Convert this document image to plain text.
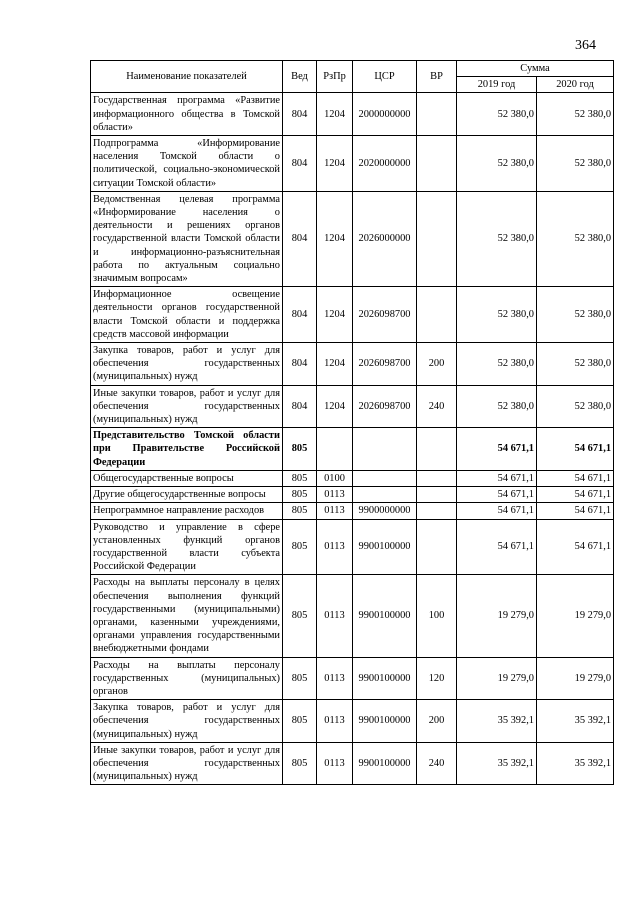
364
Наименование показателей	Вед	РзПр	ЦСР	ВР	Сумма	
					2019 год	2020 год
Государственная программа «Развитие информационного общества в Томской области»	804	1204	2000000000		52 380,0	52 380,0
Подпрограмма «Информирование населения Томской области о политической, социально-экономической ситуации Томской области»	804	1204	2020000000		52 380,0	52 380,0
Ведомственная целевая программа «Информирование населения о деятельности и решениях органов государственной власти Томской области и информационно-разъяснительная работа по актуальным социально значимым вопросам»	804	1204	2026000000		52 380,0	52 380,0
Информационное освещение деятельности органов государственной власти Томской области и поддержка средств массовой информации	804	1204	2026098700		52 380,0	52 380,0
Закупка товаров, работ и услуг для обеспечения государственных (муниципальных) нужд	804	1204	2026098700	200	52 380,0	52 380,0
Иные закупки товаров, работ и услуг для обеспечения государственных (муниципальных) нужд	804	1204	2026098700	240	52 380,0	52 380,0
Представительство Томской области при Правительстве Российской Федерации	805				54 671,1	54 671,1
Общегосударственные вопросы	805	0100			54 671,1	54 671,1
Другие общегосударственные вопросы	805	0113			54 671,1	54 671,1
Непрограммное направление расходов	805	0113	9900000000		54 671,1	54 671,1
Руководство и управление в сфере установленных функций органов государственной власти субъекта Российской Федерации	805	0113	9900100000		54 671,1	54 671,1
Расходы на выплаты персоналу в целях обеспечения выполнения функций государственными (муниципальными) органами, казенными учреждениями, органами управления государственными внебюджетными фондами	805	0113	9900100000	100	19 279,0	19 279,0
Расходы на выплаты персоналу государственных (муниципальных) органов	805	0113	9900100000	120	19 279,0	19 279,0
Закупка товаров, работ и услуг для обеспечения государственных (муниципальных) нужд	805	0113	9900100000	200	35 392,1	35 392,1
Иные закупки товаров, работ и услуг для обеспечения государственных (муниципальных) нужд	805	0113	9900100000	240	35 392,1	35 392,1
